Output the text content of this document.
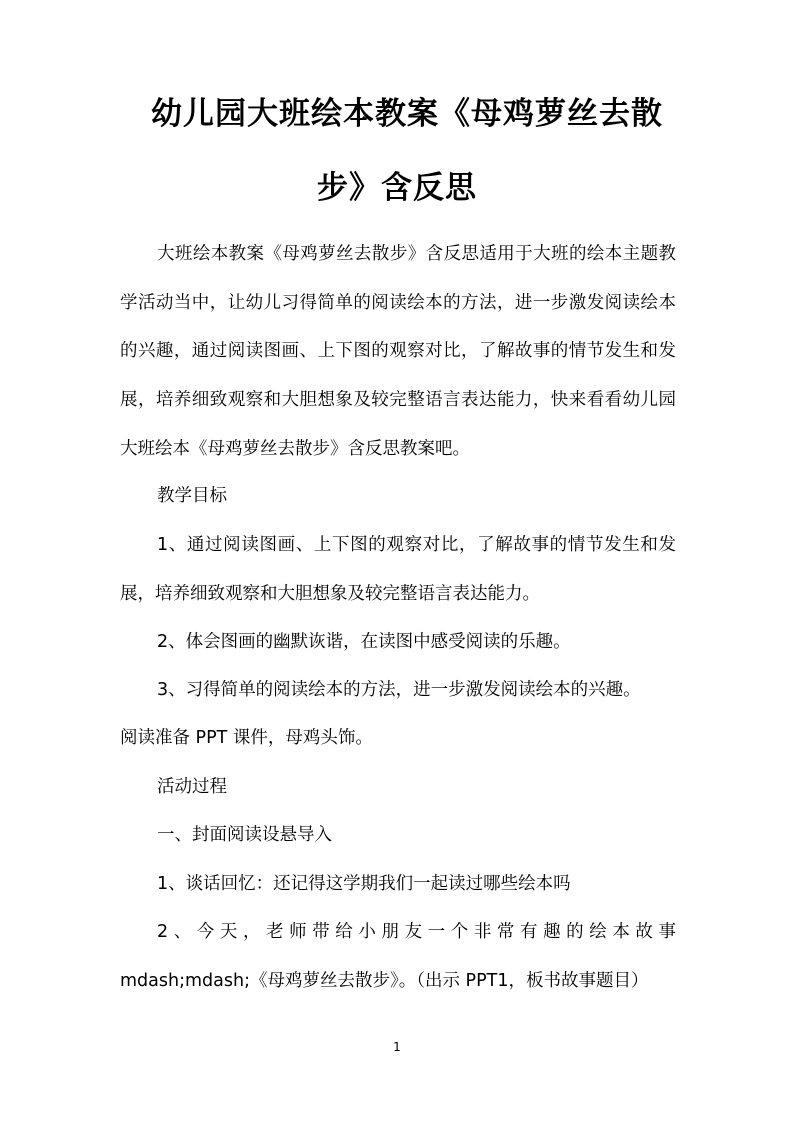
幼儿园大班绘本教案《母鸡萝丝去散
步》含反思

大班绘本教案《母鸡萝丝去散步》含反思适用于大班的绘本主题教学活动当中，让幼儿习得简单的阅读绘本的方法，进一步激发阅读绘本的兴趣，通过阅读图画、上下图的观察对比，了解故事的情节发生和发展，培养细致观察和大胆想象及较完整语言表达能力，快来看看幼儿园大班绘本《母鸡萝丝去散步》含反思教案吧。

教学目标

1、通过阅读图画、上下图的观察对比，了解故事的情节发生和发展，培养细致观察和大胆想象及较完整语言表达能力。

2、体会图画的幽默诙谐，在读图中感受阅读的乐趣。

3、习得简单的阅读绘本的方法，进一步激发阅读绘本的兴趣。

阅读准备 PPT 课件，母鸡头饰。

活动过程

一、封面阅读设悬导入

1、谈话回忆：还记得这学期我们一起读过哪些绘本吗

2、今天，老师带给小朋友一个非常有趣的绘本故事 mdash;mdash;《母鸡萝丝去散步》。（出示 PPT1，板书故事题目）

1
